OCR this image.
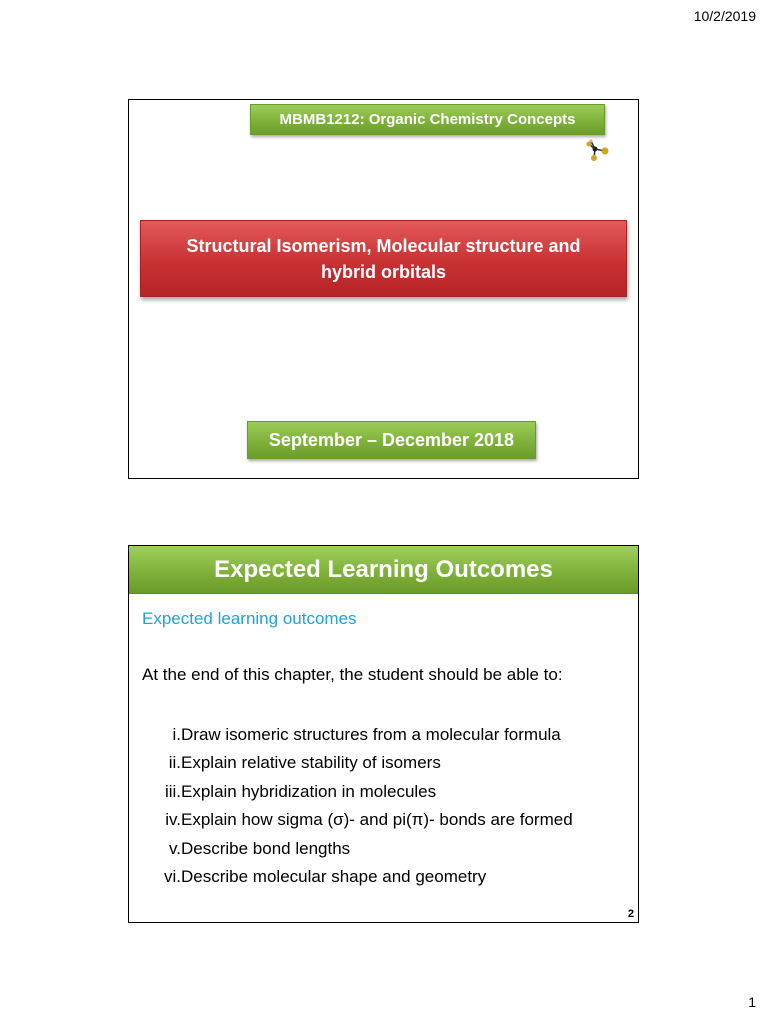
10/2/2019
MBMB1212: Organic Chemistry Concepts
Structural Isomerism, Molecular structure and hybrid orbitals
September – December 2018
Expected Learning Outcomes
Expected learning outcomes
At the end of this chapter, the student should be able to:
i. Draw isomeric structures from a molecular formula
ii. Explain relative stability of isomers
iii. Explain hybridization in molecules
iv. Explain how sigma (σ)- and pi(π)- bonds are formed
v. Describe bond lengths
vi. Describe molecular shape and geometry
2
1
